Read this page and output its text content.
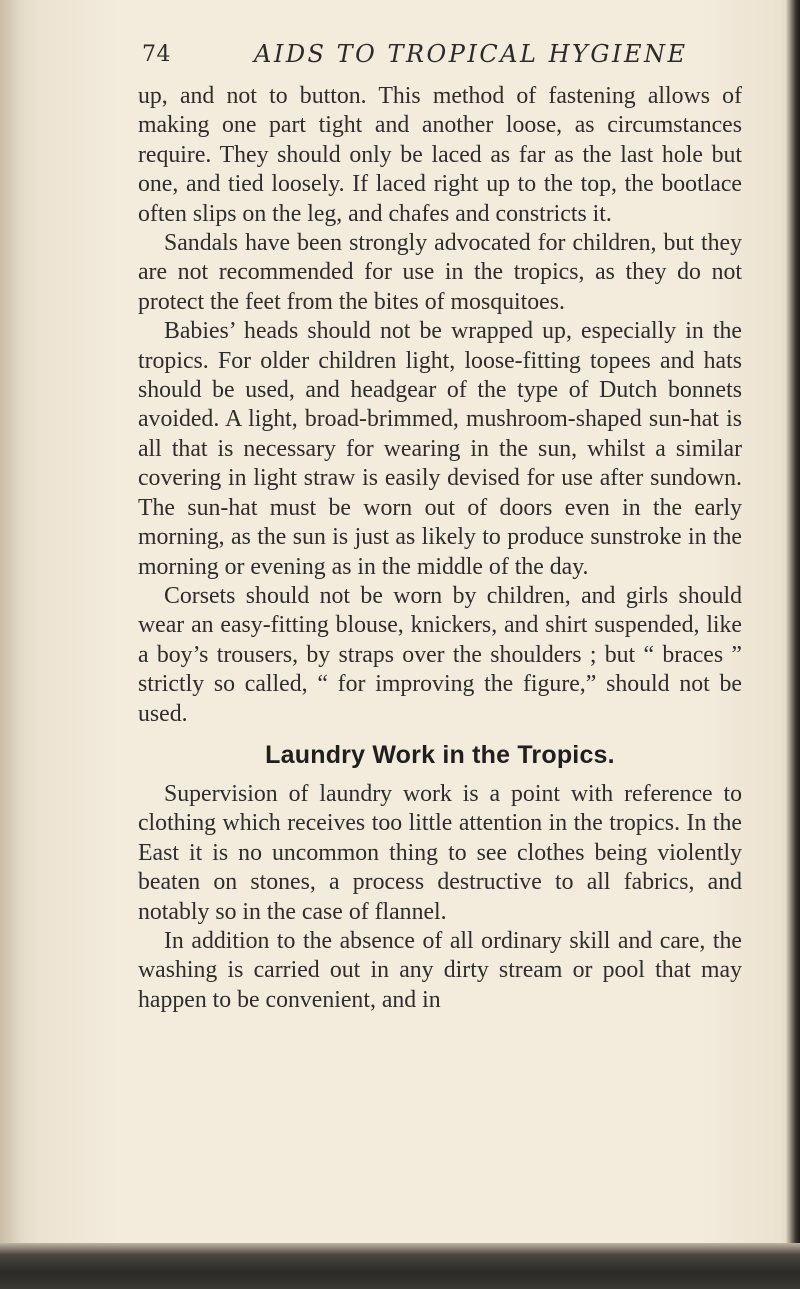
74	AIDS TO TROPICAL HYGIENE

up, and not to button. This method of fastening allows of making one part tight and another loose, as circumstances require. They should only be laced as far as the last hole but one, and tied loosely. If laced right up to the top, the bootlace often slips on the leg, and chafes and constricts it.

Sandals have been strongly advocated for children, but they are not recommended for use in the tropics, as they do not protect the feet from the bites of mosquitoes.

Babies’ heads should not be wrapped up, especially in the tropics. For older children light, loose-fitting topees and hats should be used, and headgear of the type of Dutch bonnets avoided. A light, broad-brimmed, mushroom-shaped sun-hat is all that is necessary for wearing in the sun, whilst a similar covering in light straw is easily devised for use after sundown. The sun-hat must be worn out of doors even in the early morning, as the sun is just as likely to produce sunstroke in the morning or evening as in the middle of the day.

Corsets should not be worn by children, and girls should wear an easy-fitting blouse, knickers, and shirt suspended, like a boy’s trousers, by straps over the shoulders ; but “ braces ” strictly so called, “ for improving the figure,” should not be used.

Laundry Work in the Tropics.

Supervision of laundry work is a point with reference to clothing which receives too little attention in the tropics. In the East it is no uncommon thing to see clothes being violently beaten on stones, a process destructive to all fabrics, and notably so in the case of flannel.

In addition to the absence of all ordinary skill and care, the washing is carried out in any dirty stream or pool that may happen to be convenient, and in
